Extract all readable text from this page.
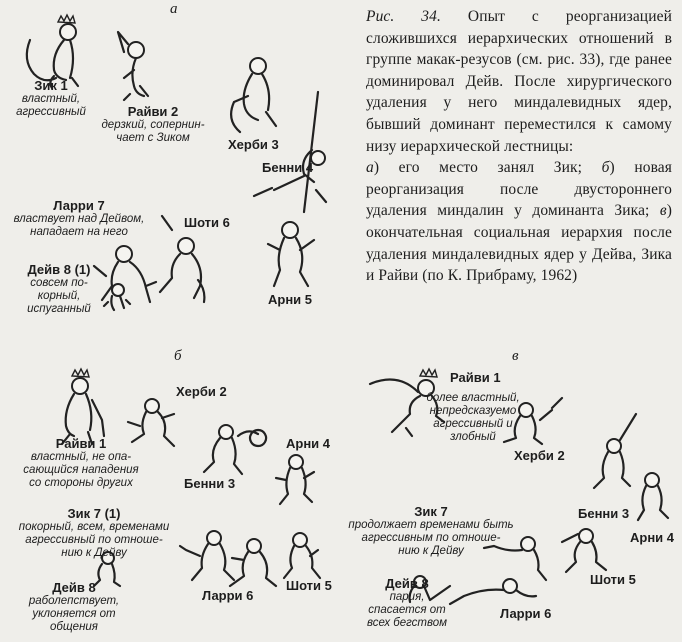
Рис. 34. Опыт с реорганизацией сложившихся иерархических отношений в группе макак-резусов (см. рис. 33), где ранее доминировал Дейв. После хирургического удаления у него миндалевидных ядер, бывший доминант переместился к самому низу иерархической лестницы:

а) его место занял Зик; б) новая реорганизация после двустороннего удаления миндалин у доминанта Зика; в) окончательная социальная иерархия после удаления миндалевидных ядер у Дейва, Зика и Райви (по К. Прибраму, 1962)

а
Зик 1
властный,
агрессивный	Райви 2
дерзкий, сопернин-
чает с Зиком	Херби 3
Бенни 4
Ларри 7
властвует над Дейвом,
нападает на него
Шоти 6
Дейв 8 (1)
совсем по-
корный,
испуганный
Арни 5
б
Райви 1
властный, не опа-
сающийся нападения
со стороны других
Херби 2
Арни 4
Бенни 3
Зик 7 (1)
покорный, всем, временами
агрессивный по отноше-
нию к Дейву
Дейв 8
раболепствует,
уклоняется от
общения
Ларри 6
Шоти 5
в
Райви 1
более властный,
непредсказуемо
агрессивный и
злобный
Херби 2
Бенни 3
Арни 4
Зик 7
продолжает временами быть
агрессивным по отноше-
нию к Дейву
Шоти 5
Дейв 8
пария,
спасается от
всех бегством
Ларри 6
